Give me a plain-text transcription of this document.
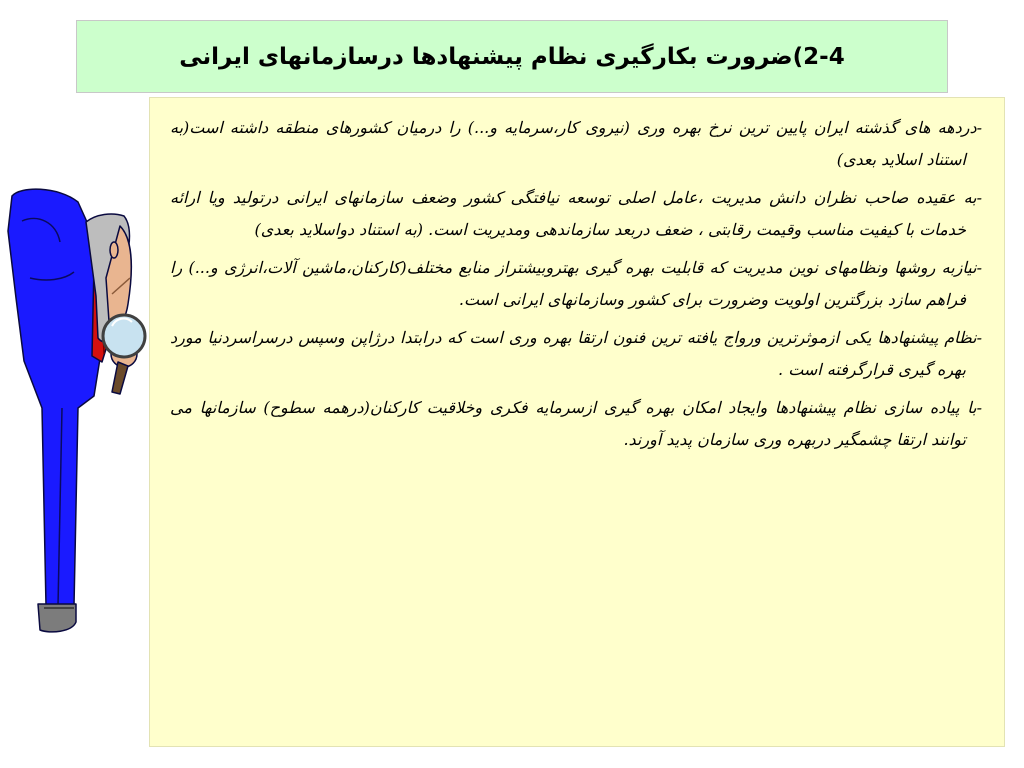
2-4)ضرورت بکارگیری نظام پیشنهادها درسازمانهای ایرانی
-دردهه های گذشته ایران پایین ترین نرخ بهره وری (نیروی کار،سرمایه و...) را درمیان کشورهای منطقه داشته است(به استناد اسلاید بعدی)
-به عقیده صاحب نظران دانش مدیریت ،عامل اصلی توسعه نیافتگی کشور وضعف سازمانهای ایرانی درتولید ویا ارائه خدمات با کیفیت مناسب وقیمت رقابتی ، ضعف دربعد سازماندهی ومدیریت است. (به استناد دواسلاید بعدی)
-نیازبه روشها ونظامهای نوین مدیریت که قابلیت بهره گیری بهتروبیشتراز منابع مختلف(کارکنان،ماشین آلات،انرژی و...) را فراهم سازد بزرگترین اولویت وضرورت برای کشور وسازمانهای ایرانی است.
-نظام پیشنهادها یکی ازموثرترین ورواج یافته ترین فنون ارتقا بهره وری است که درابتدا درژاپن وسپس درسراسردنیا مورد بهره گیری قرارگرفته است .
-با پیاده سازی نظام پیشنهادها وایجاد امکان بهره گیری ازسرمایه فکری وخلاقیت کارکنان(درهمه سطوح) سازمانها می توانند ارتقا چشمگیر دربهره وری سازمان پدید آورند.
